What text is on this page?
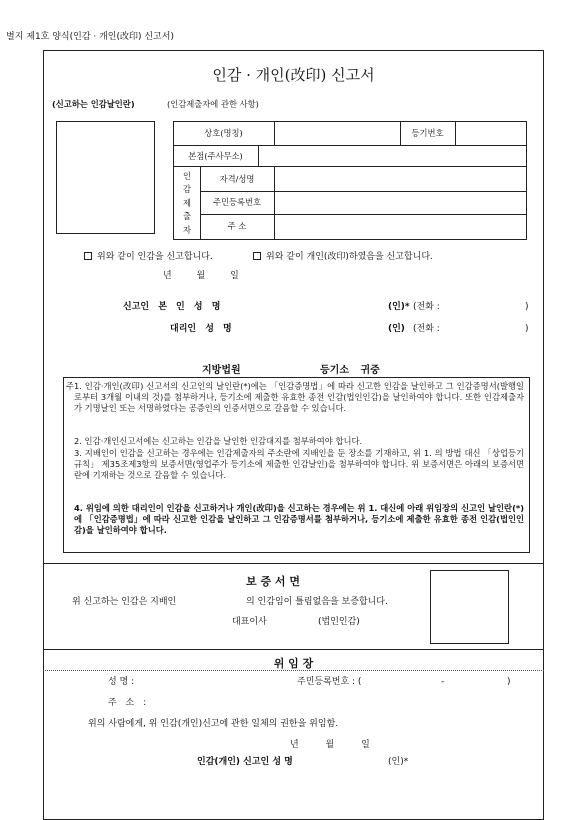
별지 제1호 양식(인감 · 개인(改印) 신고서)
인감 · 개인(改印) 신고서
(신고하는 인감날인란)	(인감제출자에 관한 사항)
상호(명칭)	등기번호
본점(주사무소)
인감제출자
자격/성명
주민등록번호
주 소
위와 같이 인감을 신고합니다.	위와 같이 개인(改印)하였음을 신고합니다.
년 월 일
신고인 본 인 성 명	(인)* (전화 :	)
대리인 성 명	(인) (전화 :	)
지방법원	등기소 귀중
주 1. 인감·개인(改印) 신고서의 신고인의 날인란(*)에는 「인감증명법」에 따라 신고한 인감을 날인하고 그 인감증명서(발행일로부터 3개월 이내의 것)를 첨부하거나, 등기소에 제출한 유효한 종전 인감(법인인감)을 날인하여야 합니다. 또한 인감제출자가 기명날인 또는 서명하였다는 공증인의 인증서면으로 갈음할 수 있습니다.

2. 인감·개인신고서에는 신고하는 인감을 날인한 인감대지를 첨부하여야 합니다.

3. 지배인이 인감을 신고하는 경우에는 인감제출자의 주소란에 지배인을 둔 장소를 기재하고, 위 1. 의 방법 대신 「상업등기규칙」 제35조제3항의 보증서면(영업주가 등기소에 제출한 인감날인)을 첨부하여야 합니다. 위 보증서면은 아래의 보증서면란에 기재하는 것으로 갈음할 수 있습니다.

4. 위임에 의한 대리인이 인감을 신고하거나 개인(改印)을 신고하는 경우에는 위 1. 대신에 아래 위임장의 신고인 날인란(*)에 「인감증명법」에 따라 신고한 인감을 날인하고 그 인감증명서를 첨부하거나, 등기소에 제출한 유효한 종전 인감(법인인감)을 날인하여야 합니다.

보 증 서 면
위 신고하는 인감은 지배인	의 인감임이 틀림없음을 보증합니다.
대표이사	(법인인감)
위 임 장
성 명 :	주민등록번호 : (	-	)
주 소 :
위의 사람에게, 위 인감(개인)신고에 관한 일체의 권한을 위임함.
년 월 일
인감(개인) 신고인 성 명	(인)*
